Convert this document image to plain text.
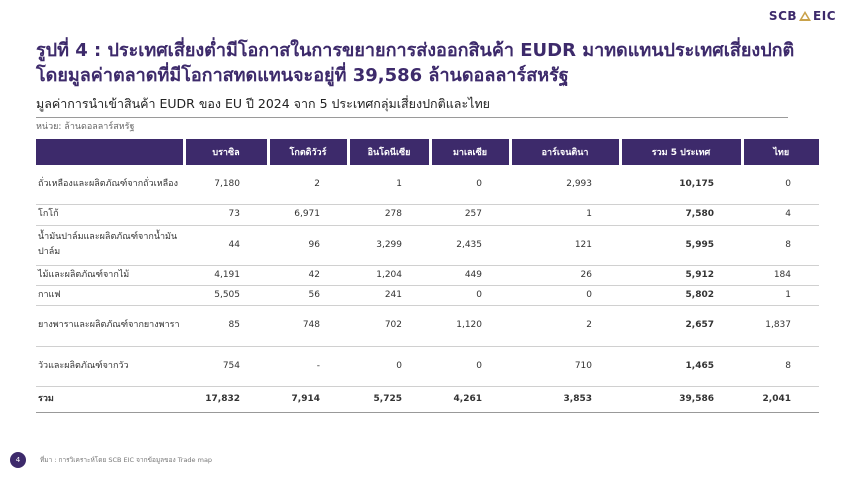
SCB EIC
รูปที่ 4 : ประเทศเสี่ยงต่ำมีโอกาสในการขยายการส่งออกสินค้า EUDR มาทดแทนประเทศเสี่ยงปกติ โดยมูลค่าตลาดที่มีโอกาสทดแทนจะอยู่ที่ 39,586 ล้านดอลลาร์สหรัฐ
มูลค่าการนำเข้าสินค้า EUDR ของ EU ปี 2024 จาก 5 ประเทศกลุ่มเสี่ยงปกติและไทย
หน่วย: ล้านดอลลาร์สหรัฐ
	บราซิล	โกตดิวัวร์	อินโดนีเซีย	มาเลเซีย	อาร์เจนตินา	รวม 5 ประเทศ	ไทย
ถั่วเหลืองและผลิตภัณฑ์จากถั่วเหลือง	7,180	2	1	0	2,993	10,175	0
โกโก้	73	6,971	278	257	1	7,580	4
น้ำมันปาล์มและผลิตภัณฑ์จากน้ำมันปาล์ม	44	96	3,299	2,435	121	5,995	8
ไม้และผลิตภัณฑ์จากไม้	4,191	42	1,204	449	26	5,912	184
กาแฟ	5,505	56	241	0	0	5,802	1
ยางพาราและผลิตภัณฑ์จากยางพารา	85	748	702	1,120	2	2,657	1,837
วัวและผลิตภัณฑ์จากวัว	754	-	0	0	710	1,465	8
รวม	17,832	7,914	5,725	4,261	3,853	39,586	2,041
4	ที่มา : การวิเคราะห์โดย SCB EIC จากข้อมูลของ Trade map
